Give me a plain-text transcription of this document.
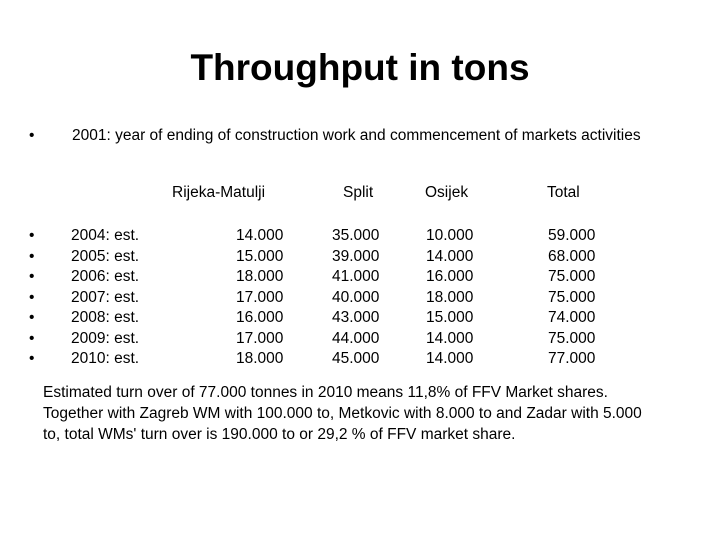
Throughput in tons
• 2001: year of ending of construction work and commencement of markets activities
Rijeka-Matulji	Split	Osijek	Total
• 2004: est.	14.000	35.000	10.000	59.000
• 2005: est.	15.000	39.000	14.000	68.000
• 2006: est.	18.000	41.000	16.000	75.000
• 2007: est.	17.000	40.000	18.000	75.000
• 2008: est.	16.000	43.000	15.000	74.000
• 2009: est.	17.000	44.000	14.000	75.000
• 2010: est.	18.000	45.000	14.000	77.000
Estimated turn over of 77.000 tonnes in 2010 means 11,8% of FFV Market shares. Together with Zagreb WM with 100.000 to, Metkovic with 8.000 to and Zadar with 5.000 to, total WMs' turn over is 190.000 to or 29,2 % of FFV market share.
